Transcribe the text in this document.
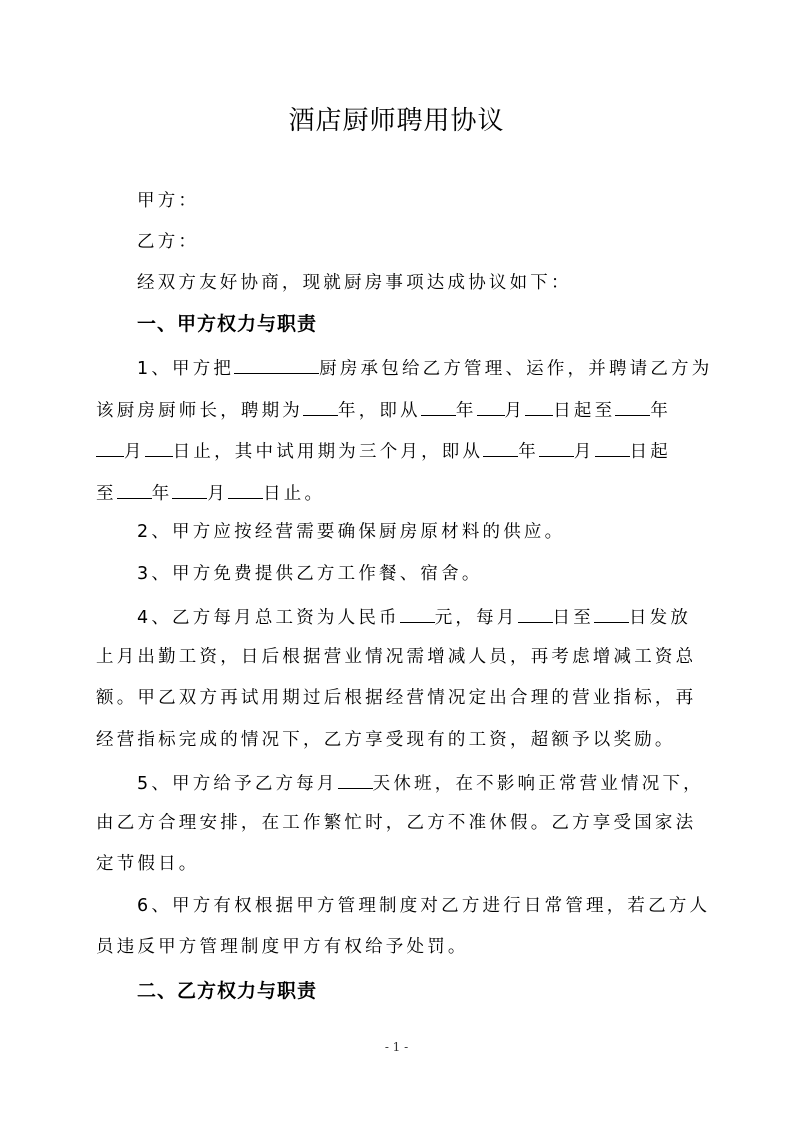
酒店厨师聘用协议
甲方：
乙方：
经双方友好协商，现就厨房事项达成协议如下：
一、甲方权力与职责
1、甲方把	厨房承包给乙方管理、运作，并聘请乙方为
该厨房厨师长，聘期为 年，即从 年 月 日起至 年
月 日止，其中试用期为三个月，即从 年 月 日起
至 年 月 日止。
2、甲方应按经营需要确保厨房原材料的供应。
3、甲方免费提供乙方工作餐、宿舍。
4、乙方每月总工资为人民币 元，每月 日至 日发放
上月出勤工资，日后根据营业情况需增减人员，再考虑增减工资总
额。甲乙双方再试用期过后根据经营情况定出合理的营业指标，再
经营指标完成的情况下，乙方享受现有的工资，超额予以奖励。
5、甲方给予乙方每月 天休班，在不影响正常营业情况下，
由乙方合理安排，在工作繁忙时，乙方不准休假。乙方享受国家法
定节假日。
6、甲方有权根据甲方管理制度对乙方进行日常管理，若乙方人
员违反甲方管理制度甲方有权给予处罚。
二、乙方权力与职责
- 1 -
